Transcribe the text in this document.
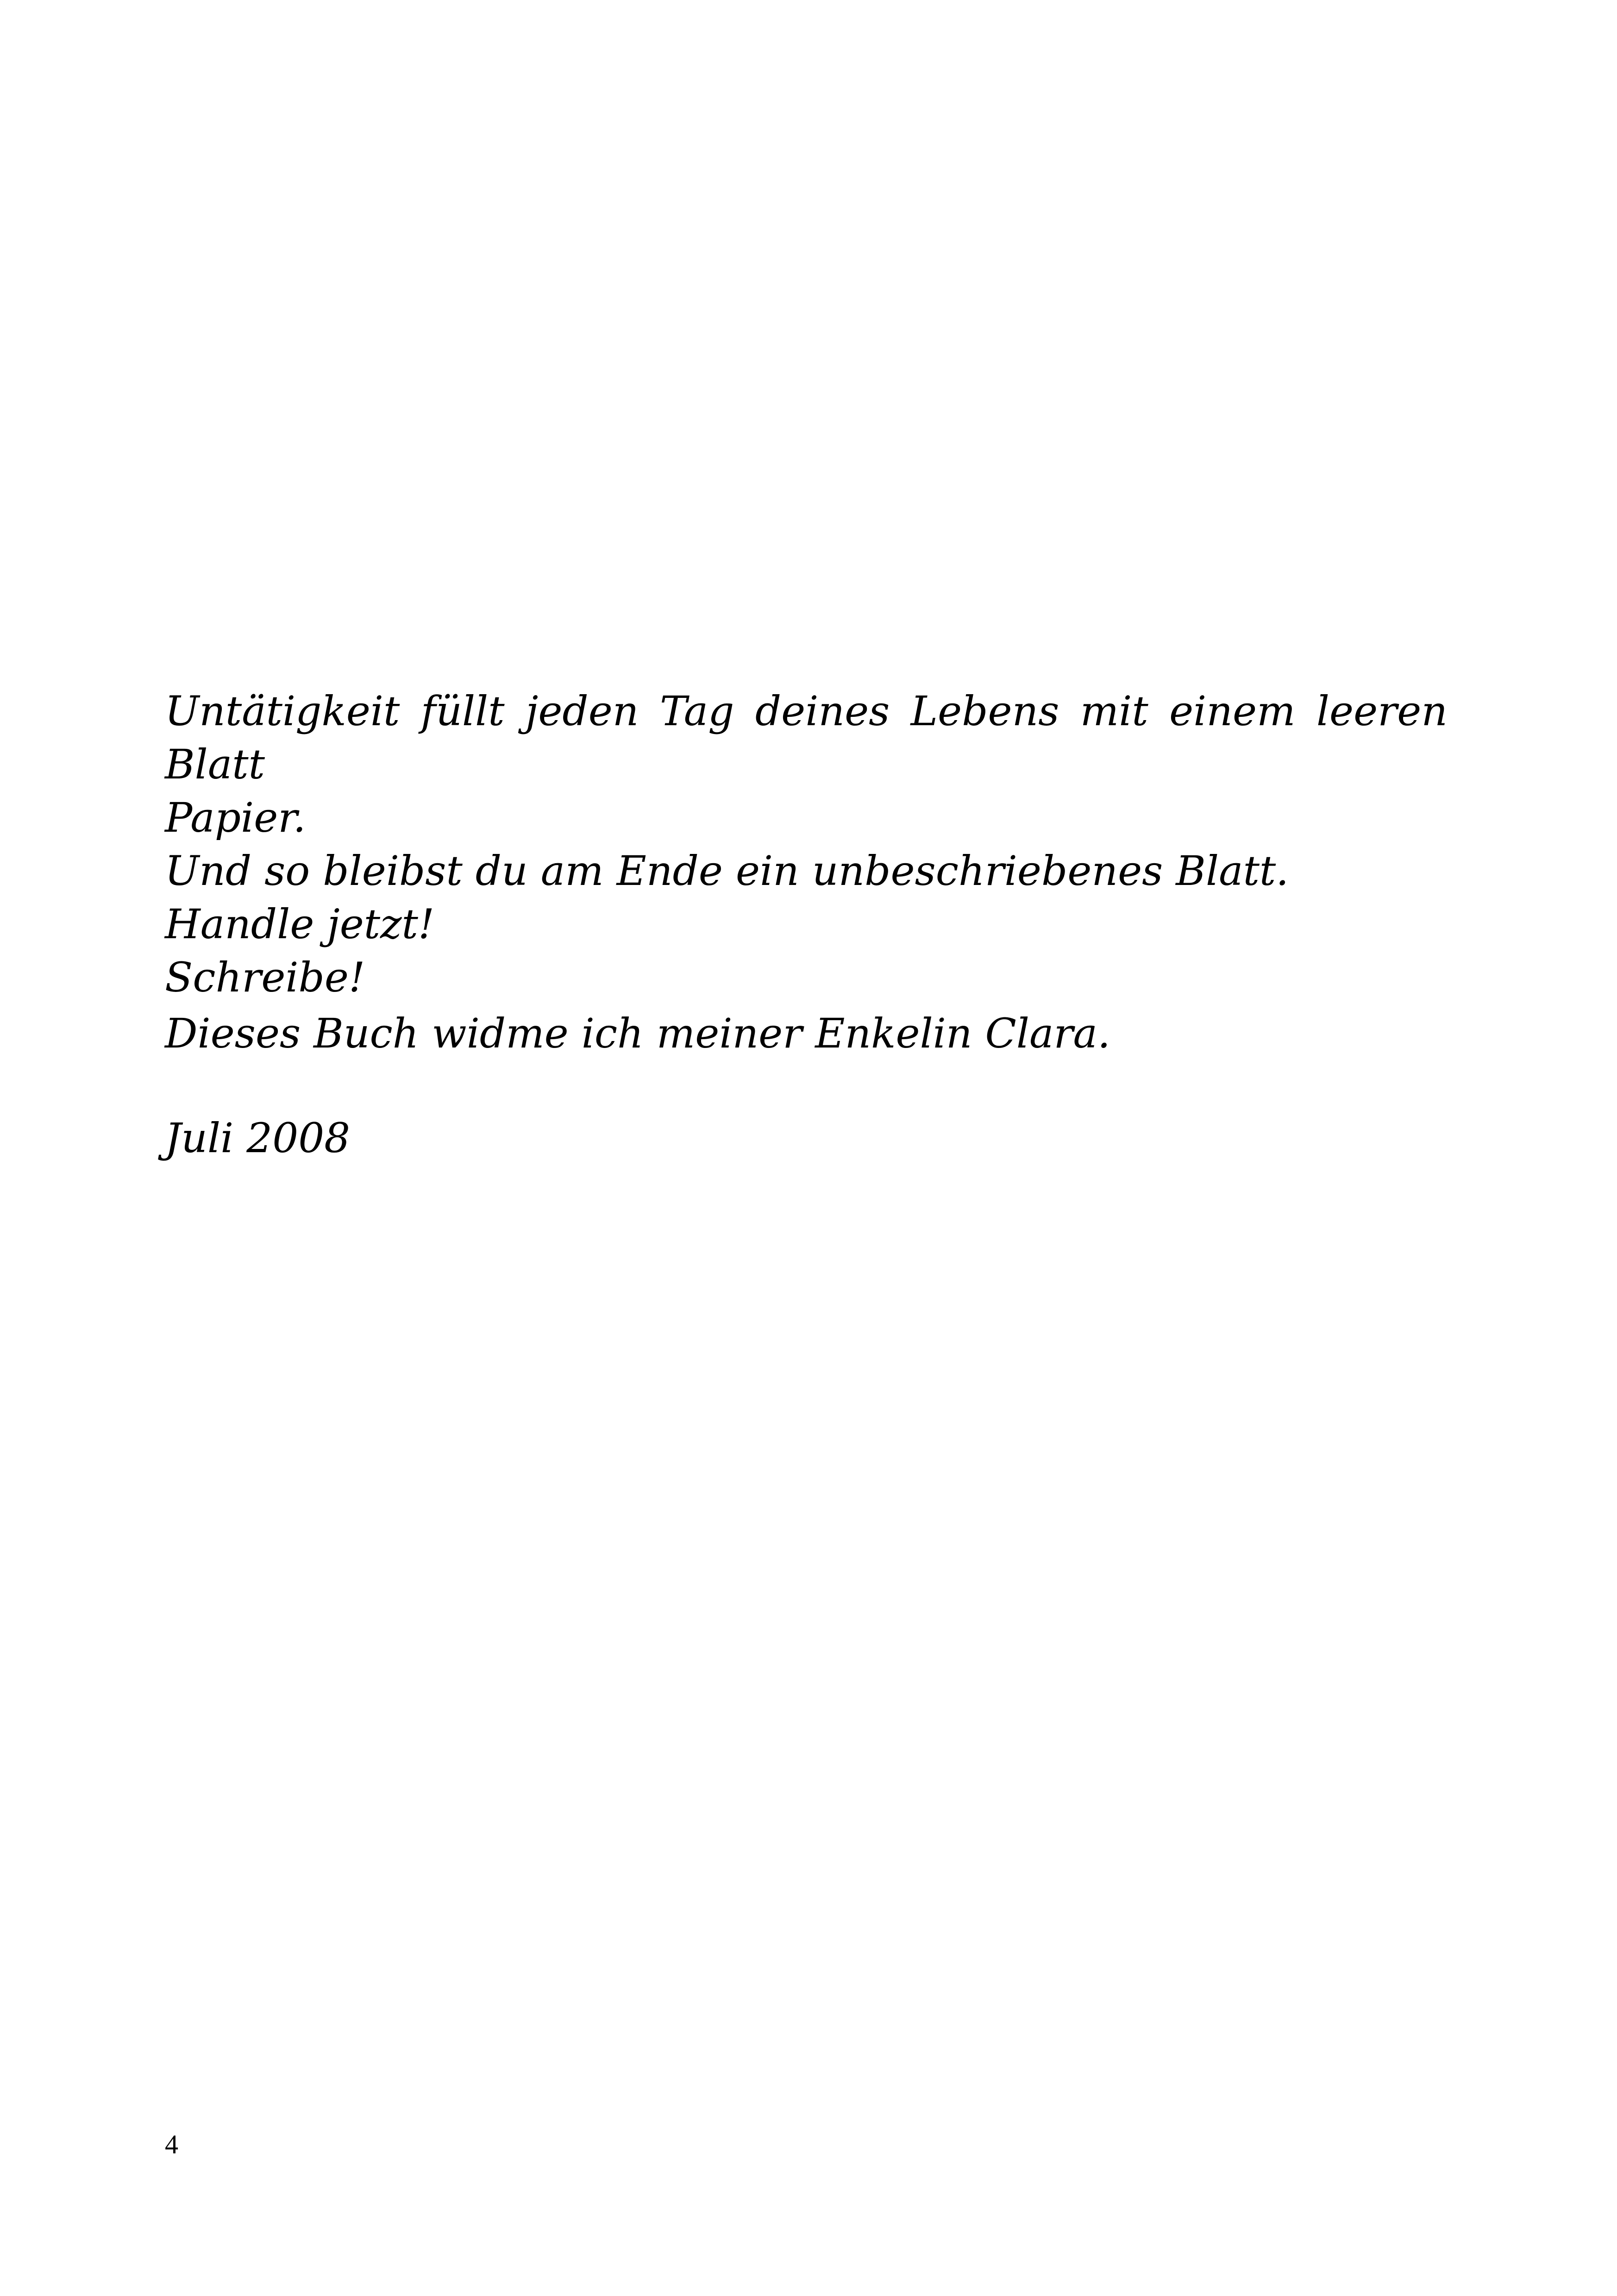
Untätigkeit füllt jeden Tag deines Lebens mit einem leeren Blatt
Papier.
Und so bleibst du am Ende ein unbeschriebenes Blatt.
Handle jetzt!
Schreibe!

Dieses Buch widme ich meiner Enkelin Clara.

Juli 2008

4
